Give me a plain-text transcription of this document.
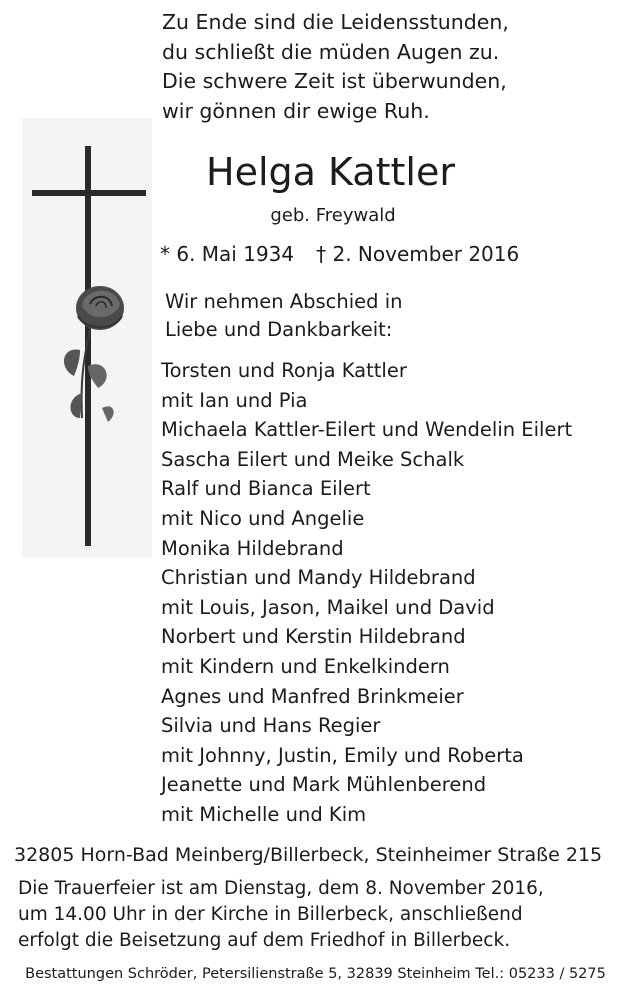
Zu Ende sind die Leidensstunden,
du schließt die müden Augen zu.
Die schwere Zeit ist überwunden,
wir gönnen dir ewige Ruh.
Helga Kattler
geb. Freywald
* 6. Mai 1934 † 2. November 2016
Wir nehmen Abschied in
Liebe und Dankbarkeit:
Torsten und Ronja Kattler
mit Ian und Pia
Michaela Kattler-Eilert und Wendelin Eilert
Sascha Eilert und Meike Schalk
Ralf und Bianca Eilert
mit Nico und Angelie
Monika Hildebrand
Christian und Mandy Hildebrand
mit Louis, Jason, Maikel und David
Norbert und Kerstin Hildebrand
mit Kindern und Enkelkindern
Agnes und Manfred Brinkmeier
Silvia und Hans Regier
mit Johnny, Justin, Emily und Roberta
Jeanette und Mark Mühlenberend
mit Michelle und Kim
32805 Horn-Bad Meinberg/Billerbeck, Steinheimer Straße 215
Die Trauerfeier ist am Dienstag, dem 8. November 2016,
um 14.00 Uhr in der Kirche in Billerbeck, anschließend
erfolgt die Beisetzung auf dem Friedhof in Billerbeck.
Bestattungen Schröder, Petersilienstraße 5, 32839 Steinheim Tel.: 05233 / 5275
